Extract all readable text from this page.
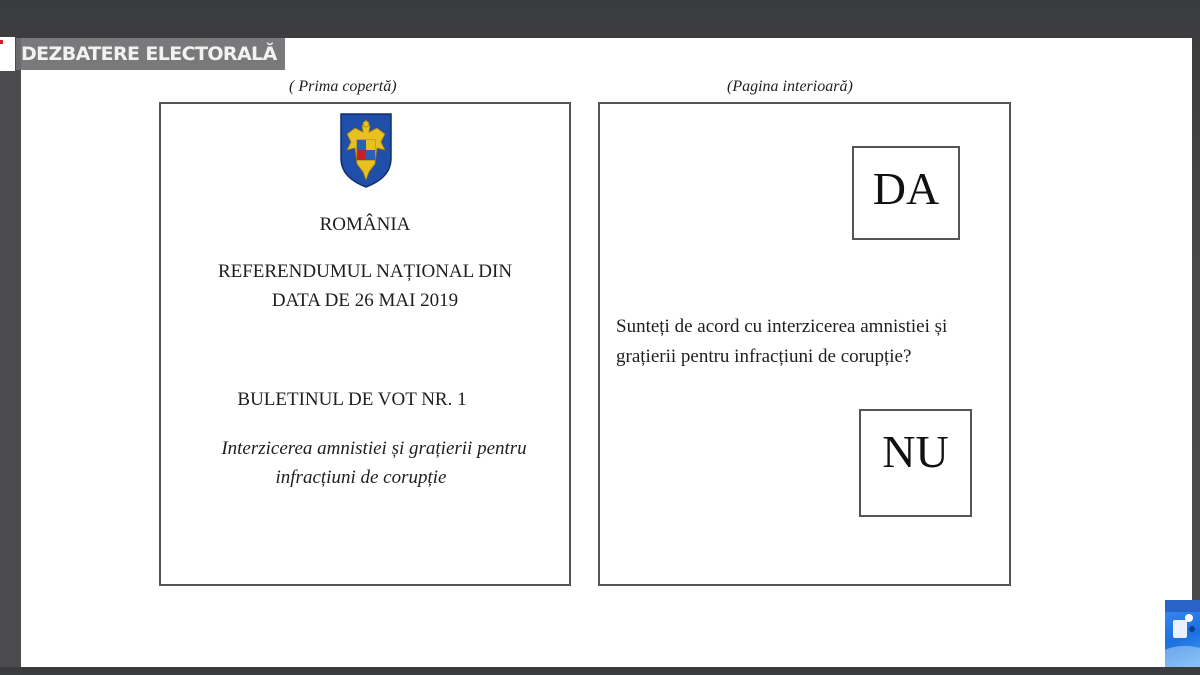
DEZBATERE ELECTORALĂ
( Prima copertă)	(Pagina interioară)
ROMÂNIA
REFERENDUMUL NAȚIONAL DIN
DATA DE 26 MAI 2019
BULETINUL DE VOT NR. 1
Interzicerea amnistiei și grațierii pentru
infracțiuni de corupție
DA
Sunteți de acord cu interzicerea amnistiei și
grațierii pentru infracțiuni de corupție?
NU
